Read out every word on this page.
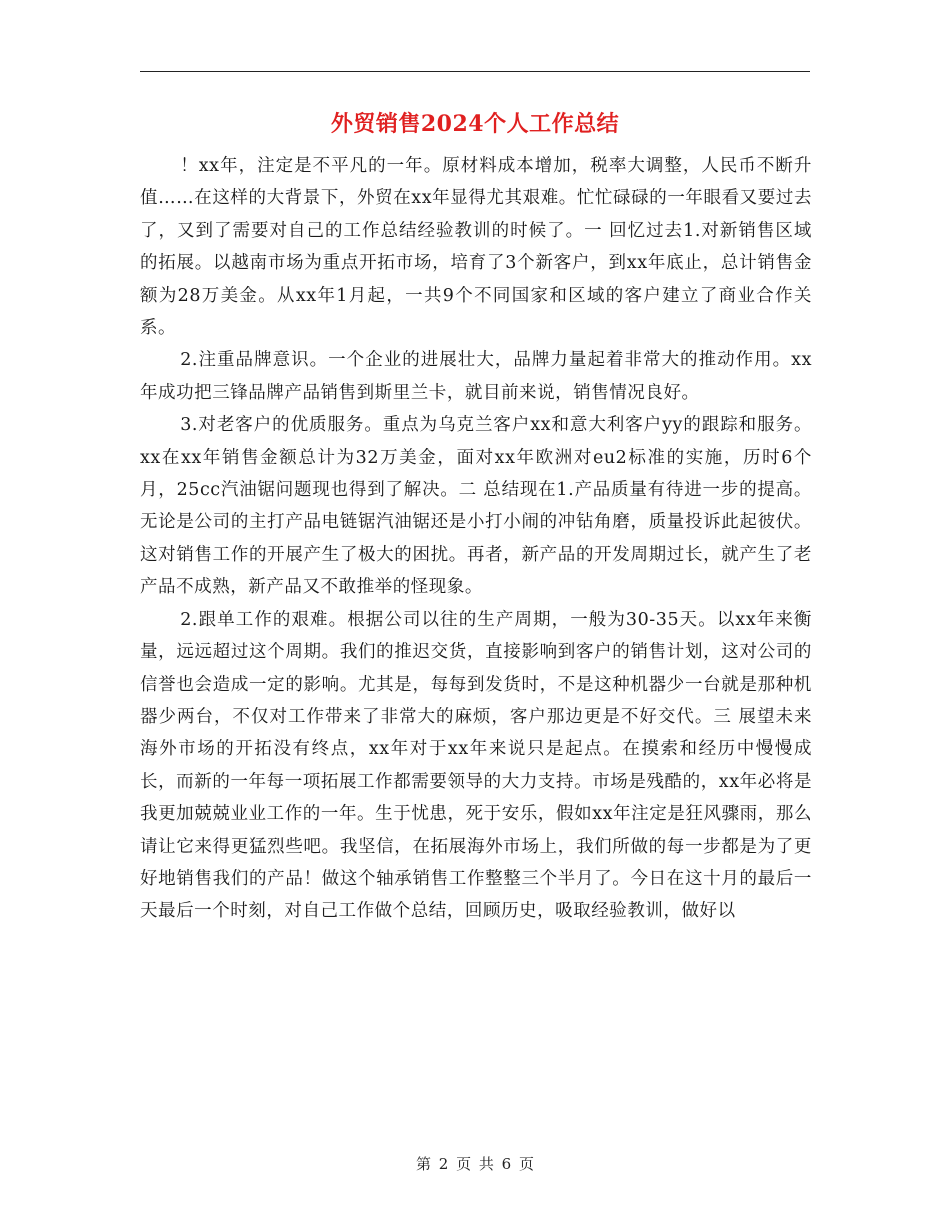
外贸销售2024个人工作总结

！xx年，注定是不平凡的一年。原材料成本增加，税率大调整，人民币不断升值……在这样的大背景下，外贸在xx年显得尤其艰难。忙忙碌碌的一年眼看又要过去了，又到了需要对自己的工作总结经验教训的时候了。一 回忆过去1.对新销售区域的拓展。以越南市场为重点开拓市场，培育了3个新客户，到xx年底止，总计销售金额为28万美金。从xx年1月起，一共9个不同国家和区域的客户建立了商业合作关系。

2.注重品牌意识。一个企业的进展壮大，品牌力量起着非常大的推动作用。xx年成功把三锋品牌产品销售到斯里兰卡，就目前来说，销售情况良好。

3.对老客户的优质服务。重点为乌克兰客户xx和意大利客户yy的跟踪和服务。xx在xx年销售金额总计为32万美金，面对xx年欧洲对eu2标准的实施，历时6个月，25cc汽油锯问题现也得到了解决。二 总结现在1.产品质量有待进一步的提高。无论是公司的主打产品电链锯汽油锯还是小打小闹的冲钻角磨，质量投诉此起彼伏。这对销售工作的开展产生了极大的困扰。再者，新产品的开发周期过长，就产生了老产品不成熟，新产品又不敢推举的怪现象。

2.跟单工作的艰难。根据公司以往的生产周期，一般为30-35天。以xx年来衡量，远远超过这个周期。我们的推迟交货，直接影响到客户的销售计划，这对公司的信誉也会造成一定的影响。尤其是，每每到发货时，不是这种机器少一台就是那种机器少两台，不仅对工作带来了非常大的麻烦，客户那边更是不好交代。三 展望未来海外市场的开拓没有终点，xx年对于xx年来说只是起点。在摸索和经历中慢慢成长，而新的一年每一项拓展工作都需要领导的大力支持。市场是残酷的，xx年必将是我更加兢兢业业工作的一年。生于忧患，死于安乐，假如xx年注定是狂风骤雨，那么请让它来得更猛烈些吧。我坚信，在拓展海外市场上，我们所做的每一步都是为了更好地销售我们的产品！做这个轴承销售工作整整三个半月了。今日在这十月的最后一天最后一个时刻，对自己工作做个总结，回顾历史，吸取经验教训，做好以

第 2 页 共 6 页
